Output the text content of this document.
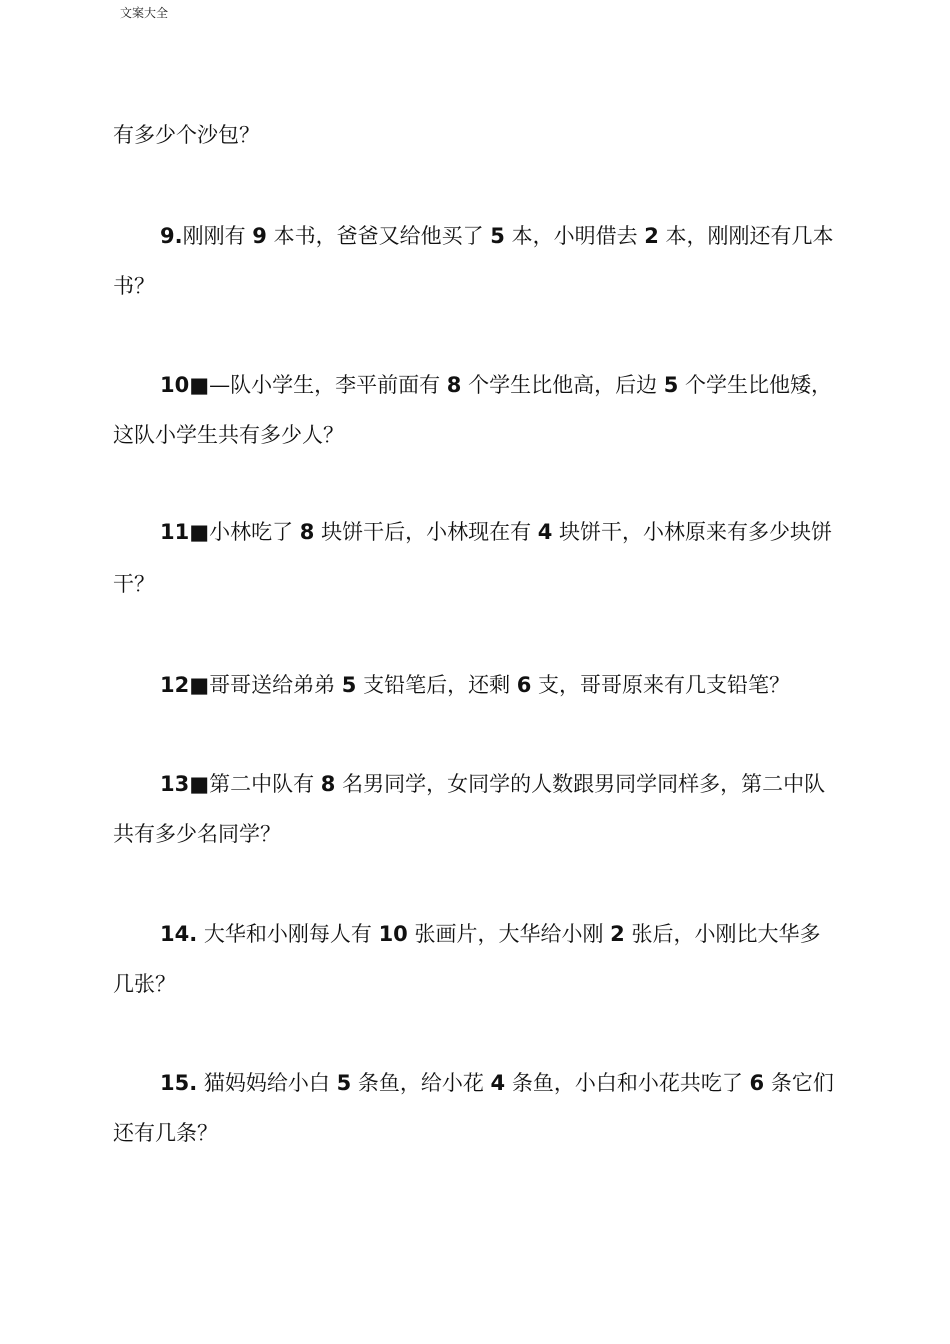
文案大全
有多少个沙包？
9.刚刚有 9 本书，爸爸又给他买了 5 本，小明借去 2 本，刚刚还有几本
书？
10■—队小学生，李平前面有 8 个学生比他高，后边 5 个学生比他矮，
这队小学生共有多少人？
11■小林吃了 8 块饼干后，小林现在有 4 块饼干，小林原来有多少块饼
干？
12■哥哥送给弟弟 5 支铅笔后，还剩 6 支，哥哥原来有几支铅笔？
13■第二中队有 8 名男同学，女同学的人数跟男同学同样多，第二中队
共有多少名同学？
14. 大华和小刚每人有 10 张画片，大华给小刚 2 张后，小刚比大华多
几张？
15. 猫妈妈给小白 5 条鱼，给小花 4 条鱼，小白和小花共吃了 6 条它们
还有几条？
